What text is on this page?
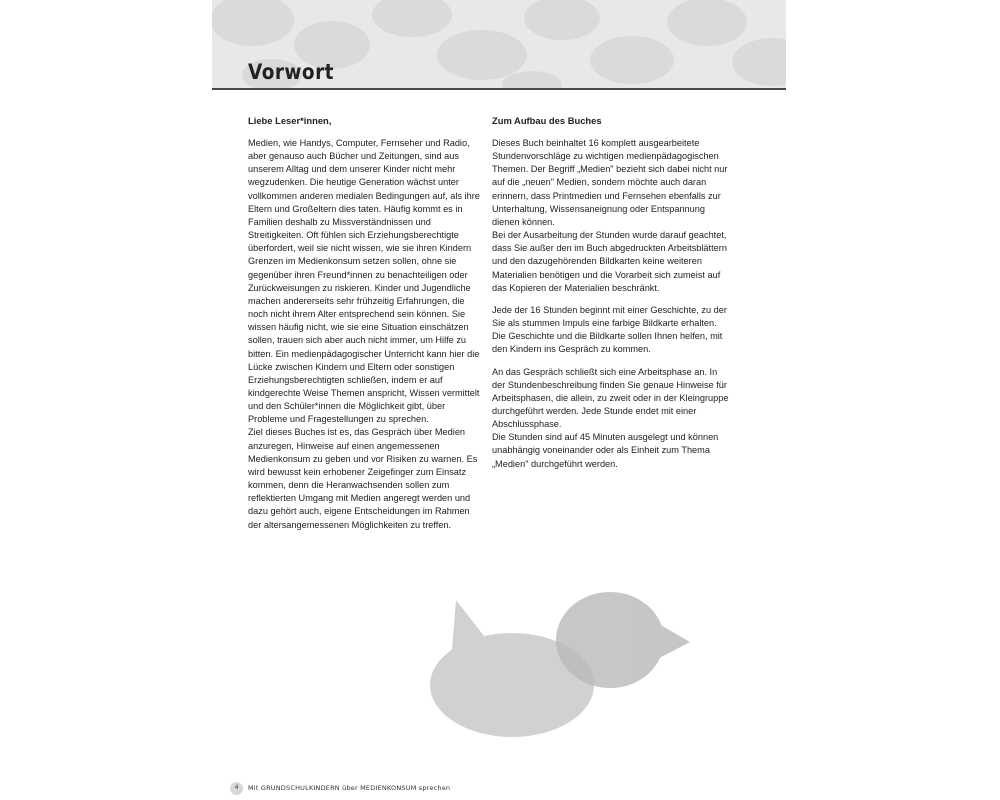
Vorwort
Liebe Leser*innen,

Medien, wie Handys, Computer, Fernseher und Radio, aber genauso auch Bücher und Zeitungen, sind aus unserem Alltag und dem unserer Kinder nicht mehr wegzudenken. Die heutige Generation wächst unter vollkommen anderen medialen Bedingungen auf, als ihre Eltern und Großeltern dies taten. Häufig kommt es in Familien deshalb zu Missverständnissen und Streitigkeiten. Oft fühlen sich Erziehungsberechtigte überfordert, weil sie nicht wissen, wie sie ihren Kindern Grenzen im Medienkonsum setzen sollen, ohne sie gegenüber ihren Freund*innen zu benachteiligen oder Zurückweisungen zu riskieren. Kinder und Jugendliche machen andererseits sehr frühzeitig Erfahrungen, die noch nicht ihrem Alter entsprechend sein können. Sie wissen häufig nicht, wie sie eine Situation einschätzen sollen, trauen sich aber auch nicht immer, um Hilfe zu bitten. Ein medienpädagogischer Unterricht kann hier die Lücke zwischen Kindern und Eltern oder sonstigen Erziehungsberechtigten schließen, indem er auf kindgerechte Weise Themen anspricht, Wissen vermittelt und den Schüler*innen die Möglichkeit gibt, über Probleme und Fragestellungen zu sprechen.

Ziel dieses Buches ist es, das Gespräch über Medien anzuregen, Hinweise auf einen angemessenen Medienkonsum zu geben und vor Risiken zu warnen. Es wird bewusst kein erhobener Zeigefinger zum Einsatz kommen, denn die Heranwachsenden sollen zum reflektierten Umgang mit Medien angeregt werden und dazu gehört auch, eigene Entscheidungen im Rahmen der altersangemessenen Möglichkeiten zu treffen.

Zum Aufbau des Buches

Dieses Buch beinhaltet 16 komplett ausgearbeitete Stundenvorschläge zu wichtigen medienpädagogischen Themen. Der Begriff „Medien" bezieht sich dabei nicht nur auf die „neuen" Medien, sondern möchte auch daran erinnern, dass Printmedien und Fernsehen ebenfalls zur Unterhaltung, Wissensaneignung oder Entspannung dienen können.

Bei der Ausarbeitung der Stunden wurde darauf geachtet, dass Sie außer den im Buch abgedruckten Arbeitsblättern und den dazugehörenden Bildkarten keine weiteren Materialien benötigen und die Vorarbeit sich zumeist auf das Kopieren der Materialien beschränkt.

Jede der 16 Stunden beginnt mit einer Geschichte, zu der Sie als stummen Impuls eine farbige Bildkarte erhalten. Die Geschichte und die Bildkarte sollen Ihnen helfen, mit den Kindern ins Gespräch zu kommen.

An das Gespräch schließt sich eine Arbeitsphase an. In der Stundenbeschreibung finden Sie genaue Hinweise für Arbeitsphasen, die allein, zu zweit oder in der Kleingruppe durchgeführt werden. Jede Stunde endet mit einer Abschlussphase.

Die Stunden sind auf 45 Minuten ausgelegt und können unabhängig voneinander oder als Einheit zum Thema „Medien" durchgeführt werden.

4	Mit GRUNDSCHULKINDERN über MEDIENKONSUM sprechen
